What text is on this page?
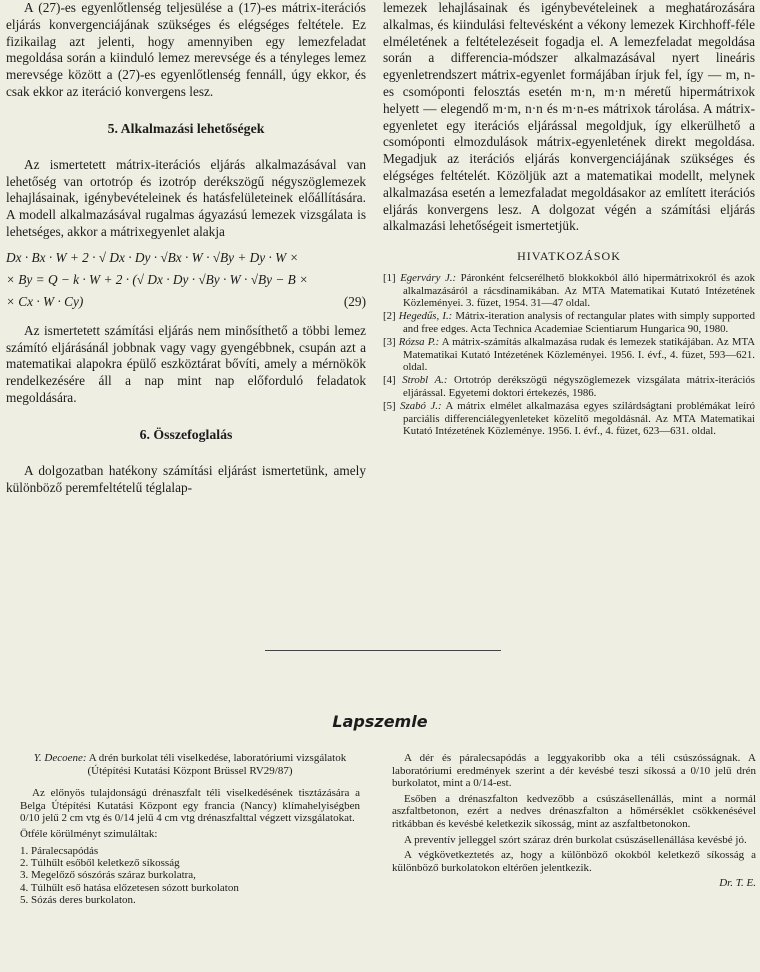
A (27)-es egyenlőtlenség teljesülése a (17)-es mátrix-iterációs eljárás konvergenciájának szükséges és elégséges feltétele. Ez fizikailag azt jelenti, hogy amennyiben egy lemezfeladat megoldása során a kiinduló lemez merevsége és a tényleges lemez merevsége között a (27)-es egyenlőtlenség fennáll, úgy ekkor, és csak ekkor az iteráció konvergens lesz.

5. Alkalmazási lehetőségek

Az ismertetett mátrix-iterációs eljárás alkalmazásával van lehetőség van ortotróp és izotróp derékszögű négyszöglemezek lehajlásainak, igénybevételeinek és hatásfelületeinek előállítására. A modell alkalmazásával rugalmas ágyazású lemezek vizsgálata is lehetséges, akkor a mátrixegyenlet alakja

Dx · Bx · W + 2 · √ Dx · Dy · √Bx · W · √By + Dy · W ×
× By = Q − k · W + 2 · (√ Dx · Dy · √By · W · √By − B ×
× Cx · W · Cy)	(29)

Az ismertetett számítási eljárás nem minősíthető a többi lemez számító eljárásánál jobbnak vagy vagy gyengébbnek, csupán azt a matematikai alapokra épülő eszköztárat bővíti, amely a mérnökök rendelkezésére áll a nap mint nap előforduló feladatok megoldására.

6. Összefoglalás

A dolgozatban hatékony számítási eljárást ismertetünk, amely különböző peremfeltételű téglalap-

lemezek lehajlásainak és igénybevételeinek a meghatározására alkalmas, és kiindulási feltevésként a vékony lemezek Kirchhoff-féle elméletének a feltételezéseit fogadja el. A lemezfeladat megoldása során a differencia-módszer alkalmazásával nyert lineáris egyenletrendszert mátrix-egyenlet formájában írjuk fel, így — m, n-es csomóponti felosztás esetén m·n, m·n méretű hipermátrixok helyett — elegendő m·m, n·n és m·n-es mátrixok tárolása. A mátrix-egyenletet egy iterációs eljárással megoldjuk, így elkerülhető a csomóponti elmozdulások mátrix-egyenletének direkt megoldása. Megadjuk az iterációs eljárás konvergenciájának szükséges és elégséges feltételét. Közöljük azt a matematikai modellt, melynek alkalmazása esetén a lemezfaladat megoldásakor az említett iterációs eljárás konvergens lesz. A dolgozat végén a számítási eljárás alkalmazási lehetőségeit ismertetjük.

HIVATKOZÁSOK
[1] Egerváry J.: Páronként felcserélhető blokkokból álló hipermátrixokról és azok alkalmazásáról a rácsdinamikában. Az MTA Matematikai Kutató Intézetének Közleményei. 3. füzet, 1954. 31—47 oldal.
[2] Hegedűs, I.: Mátrix-iteration analysis of rectangular plates with simply supported and free edges. Acta Technica Academiae Scientiarum Hungarica 90, 1980.
[3] Rózsa P.: A mátrix-számítás alkalmazása rudak és lemezek statikájában. Az MTA Matematikai Kutató Intézetének Közleményei. 1956. I. évf., 4. füzet, 593—621. oldal.
[4] Strobl A.: Ortotróp derékszögű négyszöglemezek vizsgálata mátrix-iterációs eljárással. Egyetemi doktori értekezés, 1986.
[5] Szabó J.: A mátrix elmélet alkalmazása egyes szilárdságtani problémákat leíró parciális differenciálegyenleteket közelítő megoldásnál. Az MTA Matematikai Kutató Intézetének Közleménye. 1956. I. évf., 4. füzet, 623—631. oldal.
Lapszemle
Y. Decoene: A drén burkolat téli viselkedése, laboratóriumi vizsgálatok (Útépítési Kutatási Központ Brüssel RV29/87)

Az előnyös tulajdonságú drénaszfalt téli viselkedésének tisztázására a Belga Útépítési Kutatási Központ egy francia (Nancy) klímahelyiségben 0/10 jelű 2 cm vtg és 0/14 jelű 4 cm vtg drénaszfalttal végzett vizsgálatokat.

Ötféle körülményt szimuláltak:
1. Páralecsapódás
2. Túlhűlt esőből keletkező síkosság
3. Megelőző sószórás száraz burkolatra,
4. Túlhűlt eső hatása előzetesen sózott burkolaton
5. Sózás deres burkolaton.

A dér és páralecsapódás a leggyakoribb oka a téli csúszósságnak. A laboratóriumi eredmények szerint a dér kevésbé teszi síkossá a 0/10 jelű drén burkolatot, mint a 0/14-est.

Esőben a drénaszfalton kedvezőbb a csúszásellenállás, mint a normál aszfaltbetonon, ezért a nedves drénaszfalton a hőmérséklet csökkenésével ritkábban és kevésbé keletkezik síkosság, mint az aszfaltbetonokon.

A preventív jelleggel szórt száraz drén burkolat csúszásellenállása kevésbé jó.

A végkövetkeztetés az, hogy a különböző okokból keletkező síkosság a különböző burkolatokon eltérően jelentkezik.

Dr. T. E.
